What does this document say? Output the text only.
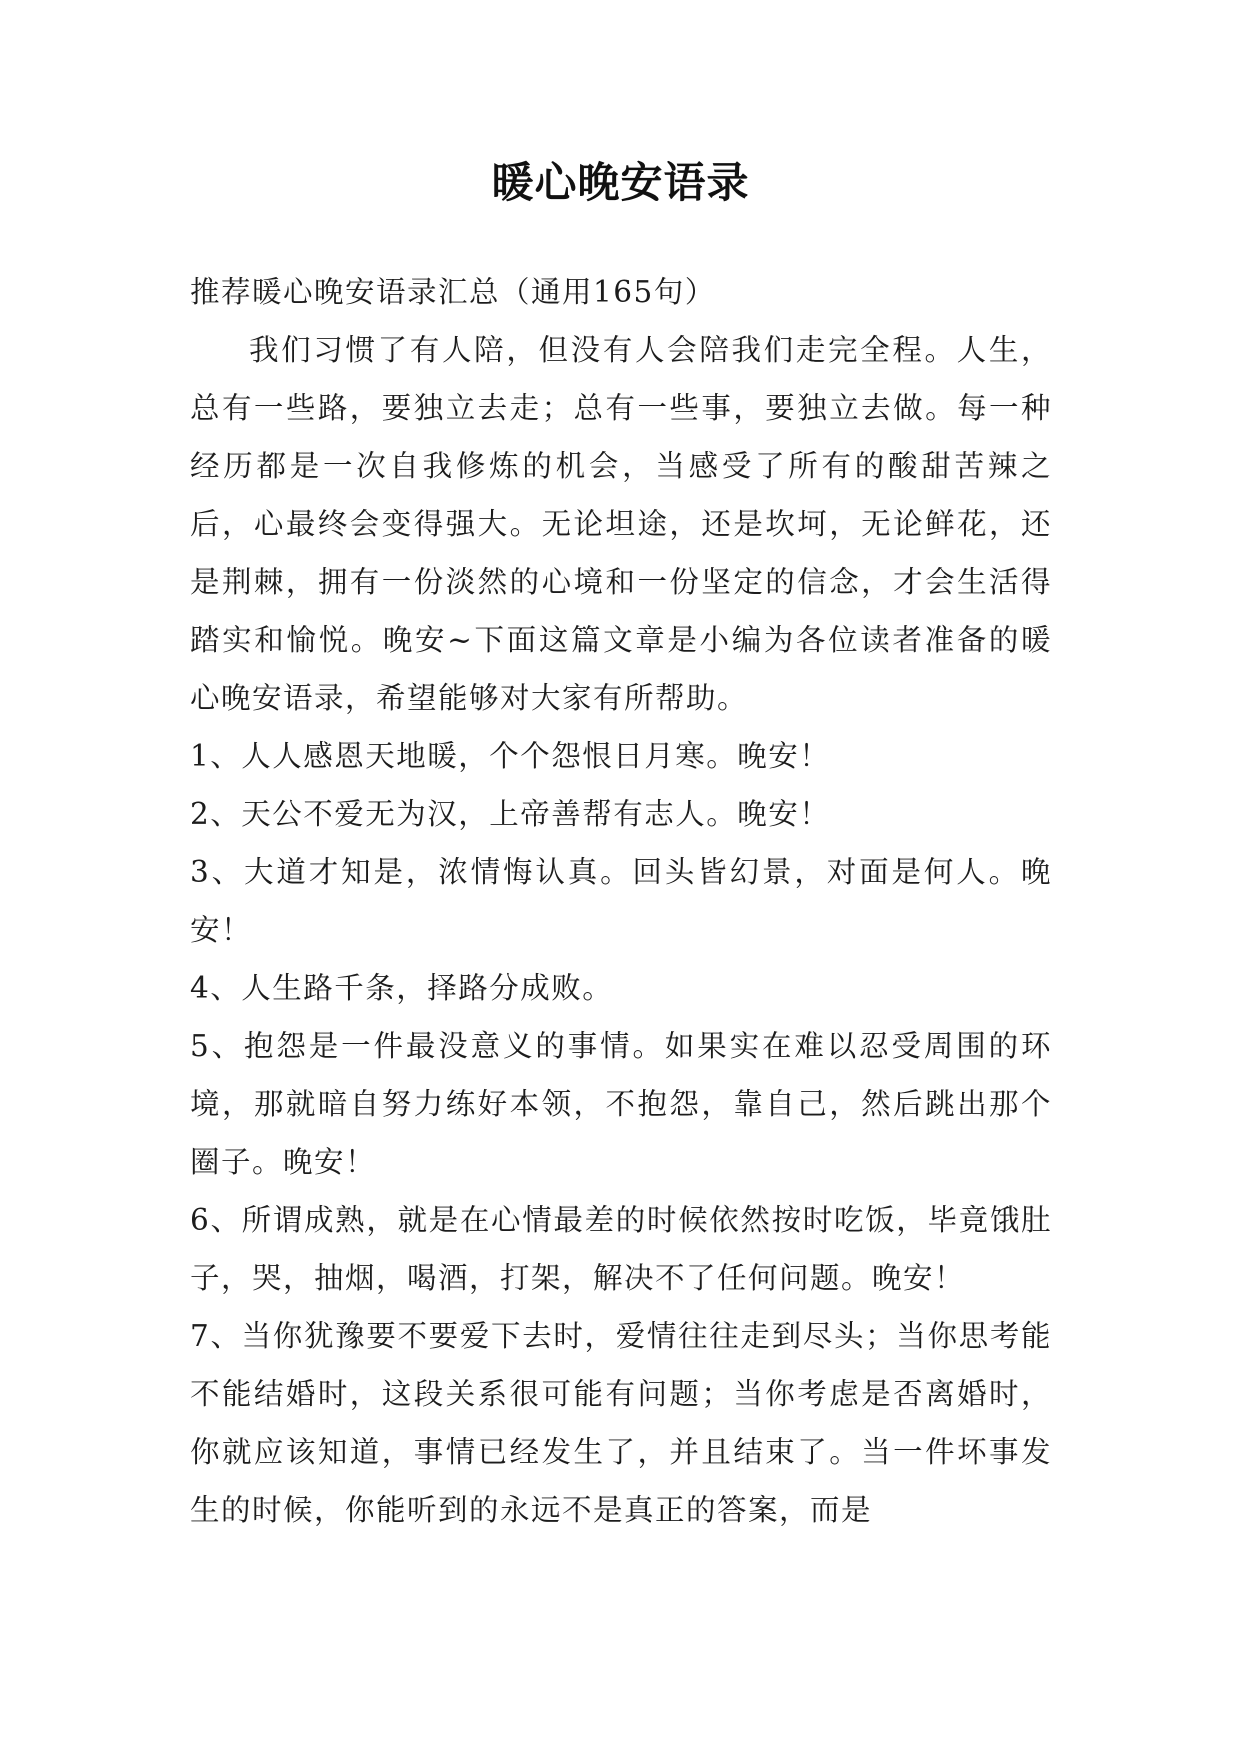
暖心晚安语录

推荐暖心晚安语录汇总（通用165句）

我们习惯了有人陪，但没有人会陪我们走完全程。人生，总有一些路，要独立去走；总有一些事，要独立去做。每一种经历都是一次自我修炼的机会，当感受了所有的酸甜苦辣之后，心最终会变得强大。无论坦途，还是坎坷，无论鲜花，还是荆棘，拥有一份淡然的心境和一份坚定的信念，才会生活得踏实和愉悦。晚安~下面这篇文章是小编为各位读者准备的暖心晚安语录，希望能够对大家有所帮助。

1、人人感恩天地暖，个个怨恨日月寒。晚安！

2、天公不爱无为汉，上帝善帮有志人。晚安！

3、大道才知是，浓情悔认真。回头皆幻景，对面是何人。晚安！

4、人生路千条，择路分成败。

5、抱怨是一件最没意义的事情。如果实在难以忍受周围的环境，那就暗自努力练好本领，不抱怨，靠自己，然后跳出那个圈子。晚安！

6、所谓成熟，就是在心情最差的时候依然按时吃饭，毕竟饿肚子，哭，抽烟，喝酒，打架，解决不了任何问题。晚安！

7、当你犹豫要不要爱下去时，爱情往往走到尽头；当你思考能不能结婚时，这段关系很可能有问题；当你考虑是否离婚时，你就应该知道，事情已经发生了，并且结束了。当一件坏事发生的时候，你能听到的永远不是真正的答案，而是
